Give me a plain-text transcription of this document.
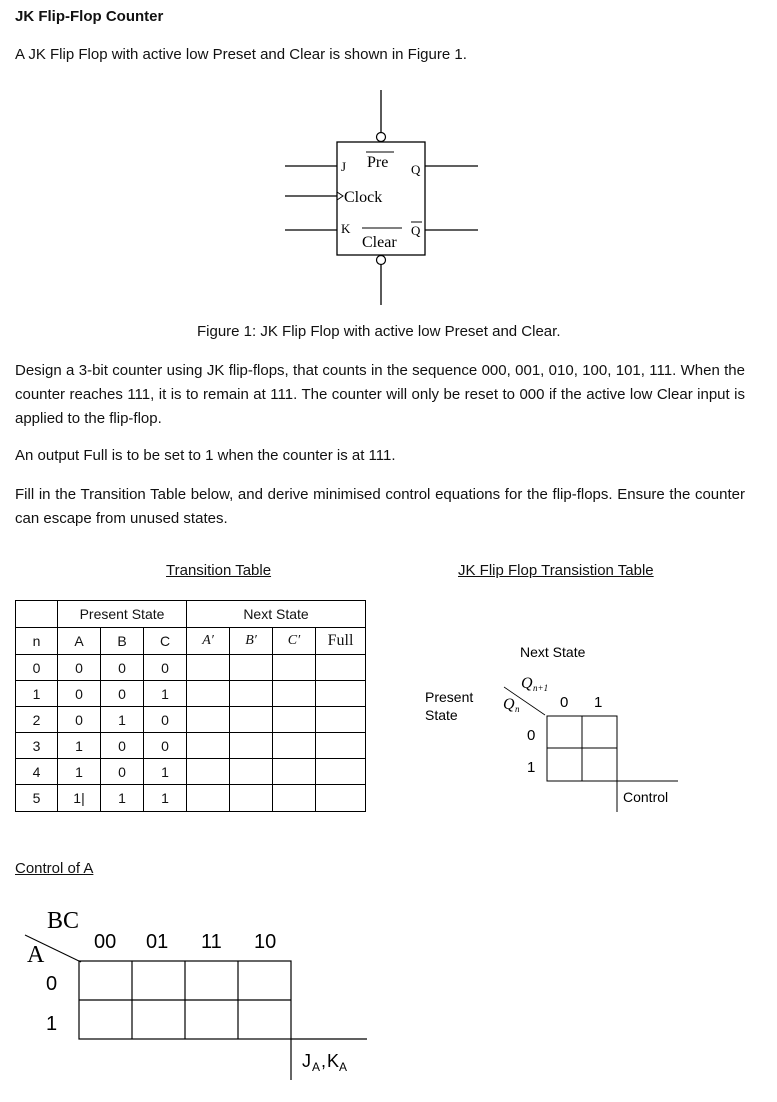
JK Flip-Flop Counter
A JK Flip Flop with active low Preset and Clear is shown in Figure 1.
J Pre Q
Clock
K
Clear
Q
Figure 1: JK Flip Flop with active low Preset and Clear.
Design a 3-bit counter using JK flip-flops, that counts in the sequence 000, 001, 010, 100, 101, 111. When the counter reaches 111, it is to remain at 111. The counter will only be reset to 000 if the active low Clear input is applied to the flip-flop.
An output Full is to be set to 1 when the counter is at 111.
Fill in the Transition Table below, and derive minimised control equations for the flip-flops. Ensure the counter can escape from unused states.
Transition Table	JK Flip Flop Transistion Table
	Present State			Next State			
n	A	B	C	A′	B′	C′	Full
0	0	0	0				
1	0	0	1				
2	0	1	0				
3	1	0	0				
4	1	0	1				
5	1|	1	1				
Next State
Q n+1
Q n	0 1
Present
State
0
1
Control
Control of A
BC
A 00 01 11 10
0
1
J A , K A
